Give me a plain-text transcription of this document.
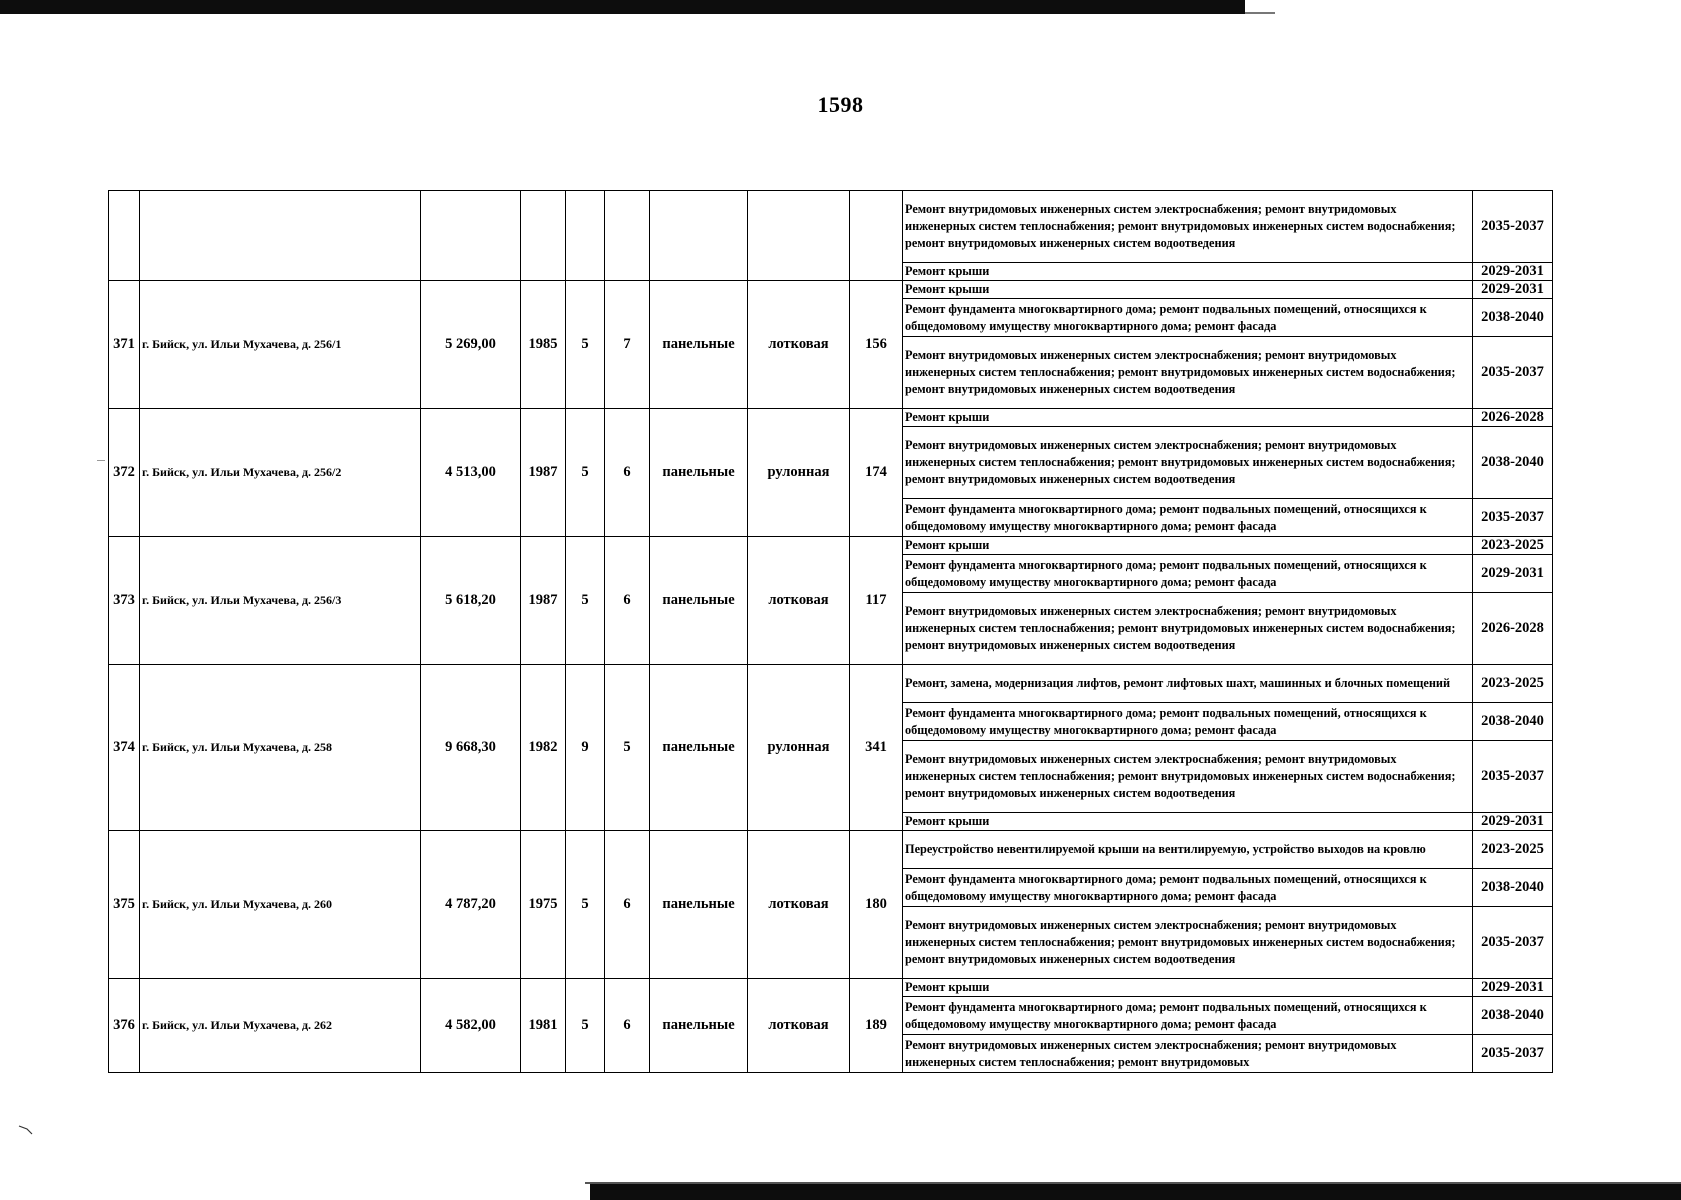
1598
									Ремонт внутридомовых инженерных систем электроснабжения; ремонт внутридомовых инженерных систем теплоснабжения; ремонт внутридомовых инженерных систем водоснабжения; ремонт внутридомовых инженерных систем водоотведения	2035-2037
									Ремонт крыши	2029-2031
371	г. Бийск, ул. Ильи Мухачева, д. 256/1	5 269,00	1985	5	7	панельные	лотковая	156	Ремонт крыши	2029-2031
									Ремонт фундамента многоквартирного дома; ремонт подвальных помещений, относящихся к общедомовому имуществу многоквартирного дома; ремонт фасада	2038-2040
									Ремонт внутридомовых инженерных систем электроснабжения; ремонт внутридомовых инженерных систем теплоснабжения; ремонт внутридомовых инженерных систем водоснабжения; ремонт внутридомовых инженерных систем водоотведения	2035-2037
372	г. Бийск, ул. Ильи Мухачева, д. 256/2	4 513,00	1987	5	6	панельные	рулонная	174	Ремонт крыши	2026-2028
									Ремонт внутридомовых инженерных систем электроснабжения; ремонт внутридомовых инженерных систем теплоснабжения; ремонт внутридомовых инженерных систем водоснабжения; ремонт внутридомовых инженерных систем водоотведения	2038-2040
									Ремонт фундамента многоквартирного дома; ремонт подвальных помещений, относящихся к общедомовому имуществу многоквартирного дома; ремонт фасада	2035-2037
373	г. Бийск, ул. Ильи Мухачева, д. 256/3	5 618,20	1987	5	6	панельные	лотковая	117	Ремонт крыши	2023-2025
									Ремонт фундамента многоквартирного дома; ремонт подвальных помещений, относящихся к общедомовому имуществу многоквартирного дома; ремонт фасада	2029-2031
									Ремонт внутридомовых инженерных систем электроснабжения; ремонт внутридомовых инженерных систем теплоснабжения; ремонт внутридомовых инженерных систем водоснабжения; ремонт внутридомовых инженерных систем водоотведения	2026-2028
374	г. Бийск, ул. Ильи Мухачева, д. 258	9 668,30	1982	9	5	панельные	рулонная	341	Ремонт, замена, модернизация лифтов, ремонт лифтовых шахт, машинных и блочных помещений	2023-2025
									Ремонт фундамента многоквартирного дома; ремонт подвальных помещений, относящихся к общедомовому имуществу многоквартирного дома; ремонт фасада	2038-2040
									Ремонт внутридомовых инженерных систем электроснабжения; ремонт внутридомовых инженерных систем теплоснабжения; ремонт внутридомовых инженерных систем водоснабжения; ремонт внутридомовых инженерных систем водоотведения	2035-2037
									Ремонт крыши	2029-2031
375	г. Бийск, ул. Ильи Мухачева, д. 260	4 787,20	1975	5	6	панельные	лотковая	180	Переустройство невентилируемой крыши на вентилируемую, устройство выходов на кровлю	2023-2025
									Ремонт фундамента многоквартирного дома; ремонт подвальных помещений, относящихся к общедомовому имуществу многоквартирного дома; ремонт фасада	2038-2040
									Ремонт внутридомовых инженерных систем электроснабжения; ремонт внутридомовых инженерных систем теплоснабжения; ремонт внутридомовых инженерных систем водоснабжения; ремонт внутридомовых инженерных систем водоотведения	2035-2037
376	г. Бийск, ул. Ильи Мухачева, д. 262	4 582,00	1981	5	6	панельные	лотковая	189	Ремонт крыши	2029-2031
									Ремонт фундамента многоквартирного дома; ремонт подвальных помещений, относящихся к общедомовому имуществу многоквартирного дома; ремонт фасада	2038-2040
									Ремонт внутридомовых инженерных систем электроснабжения; ремонт внутридомовых инженерных систем теплоснабжения; ремонт внутридомовых	2035-2037
